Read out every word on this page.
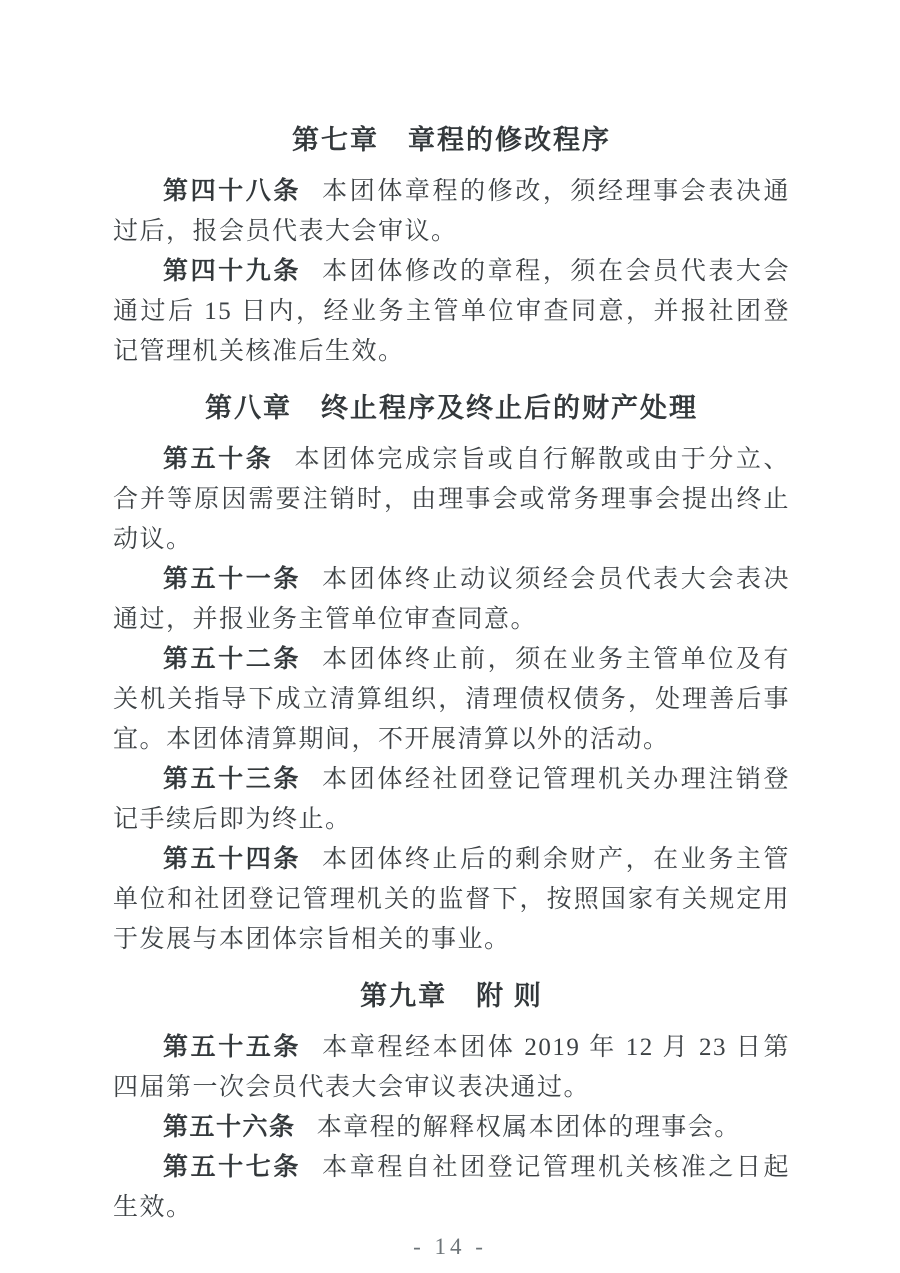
第七章　章程的修改程序

第四十八条 本团体章程的修改，须经理事会表决通过后，报会员代表大会审议。

第四十九条 本团体修改的章程，须在会员代表大会通过后 15 日内，经业务主管单位审查同意，并报社团登记管理机关核准后生效。

第八章　终止程序及终止后的财产处理

第五十条 本团体完成宗旨或自行解散或由于分立、合并等原因需要注销时，由理事会或常务理事会提出终止动议。

第五十一条 本团体终止动议须经会员代表大会表决通过，并报业务主管单位审查同意。

第五十二条 本团体终止前，须在业务主管单位及有关机关指导下成立清算组织，清理债权债务，处理善后事宜。本团体清算期间，不开展清算以外的活动。

第五十三条 本团体经社团登记管理机关办理注销登记手续后即为终止。

第五十四条 本团体终止后的剩余财产，在业务主管单位和社团登记管理机关的监督下，按照国家有关规定用于发展与本团体宗旨相关的事业。

第九章　附 则

第五十五条 本章程经本团体 2019 年 12 月 23 日第四届第一次会员代表大会审议表决通过。

第五十六条 本章程的解释权属本团体的理事会。

第五十七条 本章程自社团登记管理机关核准之日起生效。

- 14 -
